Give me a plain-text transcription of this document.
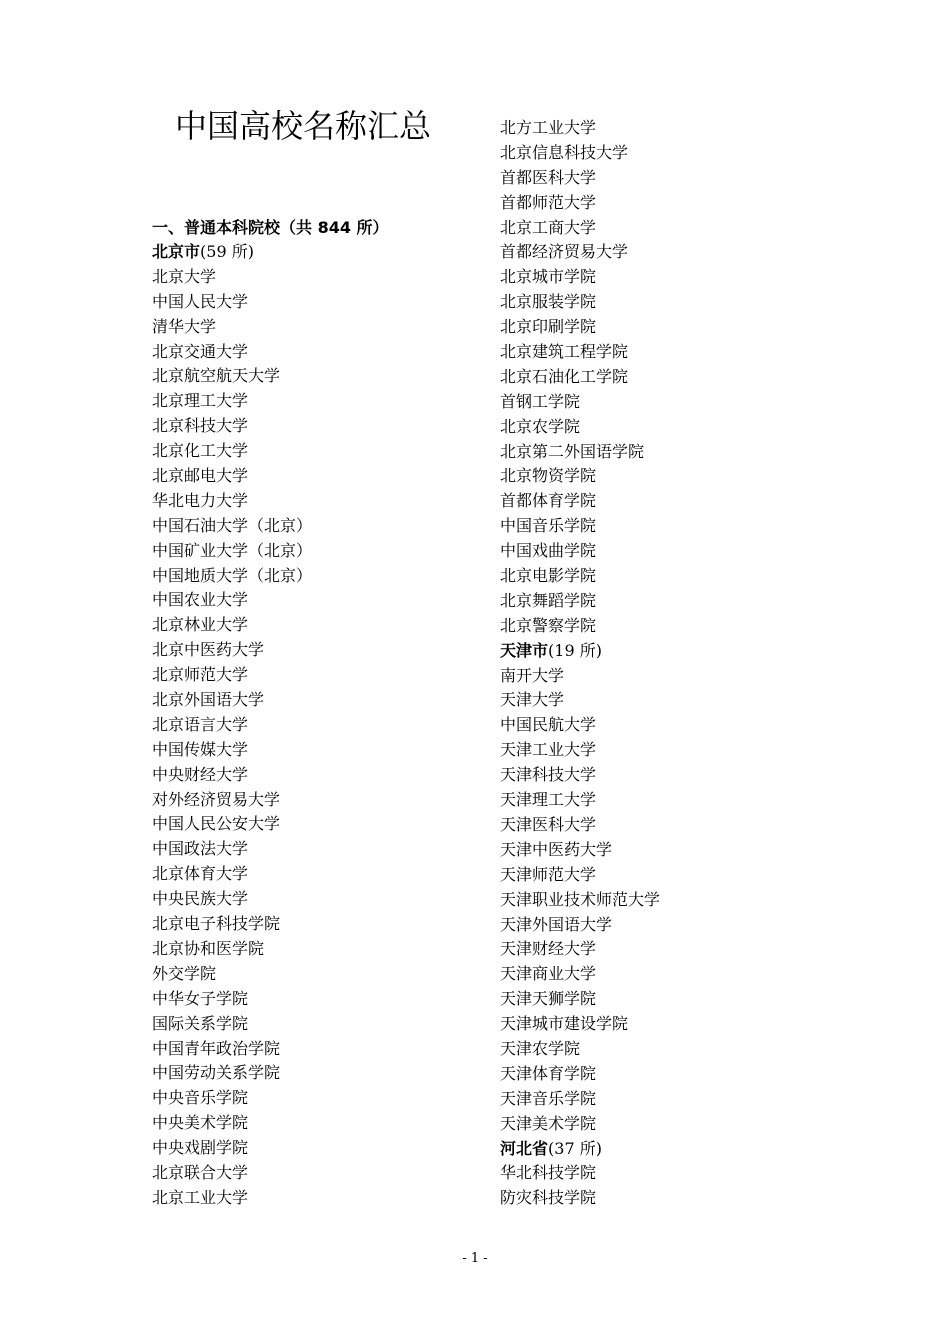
中国高校名称汇总
一、普通本科院校（共 844 所）
北京市(59 所)
北京大学
中国人民大学
清华大学
北京交通大学
北京航空航天大学
北京理工大学
北京科技大学
北京化工大学
北京邮电大学
华北电力大学
中国石油大学（北京）
中国矿业大学（北京）
中国地质大学（北京）
中国农业大学
北京林业大学
北京中医药大学
北京师范大学
北京外国语大学
北京语言大学
中国传媒大学
中央财经大学
对外经济贸易大学
中国人民公安大学
中国政法大学
北京体育大学
中央民族大学
北京电子科技学院
北京协和医学院
外交学院
中华女子学院
国际关系学院
中国青年政治学院
中国劳动关系学院
中央音乐学院
中央美术学院
中央戏剧学院
北京联合大学
北京工业大学
北方工业大学
北京信息科技大学
首都医科大学
首都师范大学
北京工商大学
首都经济贸易大学
北京城市学院
北京服装学院
北京印刷学院
北京建筑工程学院
北京石油化工学院
首钢工学院
北京农学院
北京第二外国语学院
北京物资学院
首都体育学院
中国音乐学院
中国戏曲学院
北京电影学院
北京舞蹈学院
北京警察学院
天津市(19 所)
南开大学
天津大学
中国民航大学
天津工业大学
天津科技大学
天津理工大学
天津医科大学
天津中医药大学
天津师范大学
天津职业技术师范大学
天津外国语大学
天津财经大学
天津商业大学
天津天狮学院
天津城市建设学院
天津农学院
天津体育学院
天津音乐学院
天津美术学院
河北省(37 所)
华北科技学院
防灾科技学院
- 1 -
